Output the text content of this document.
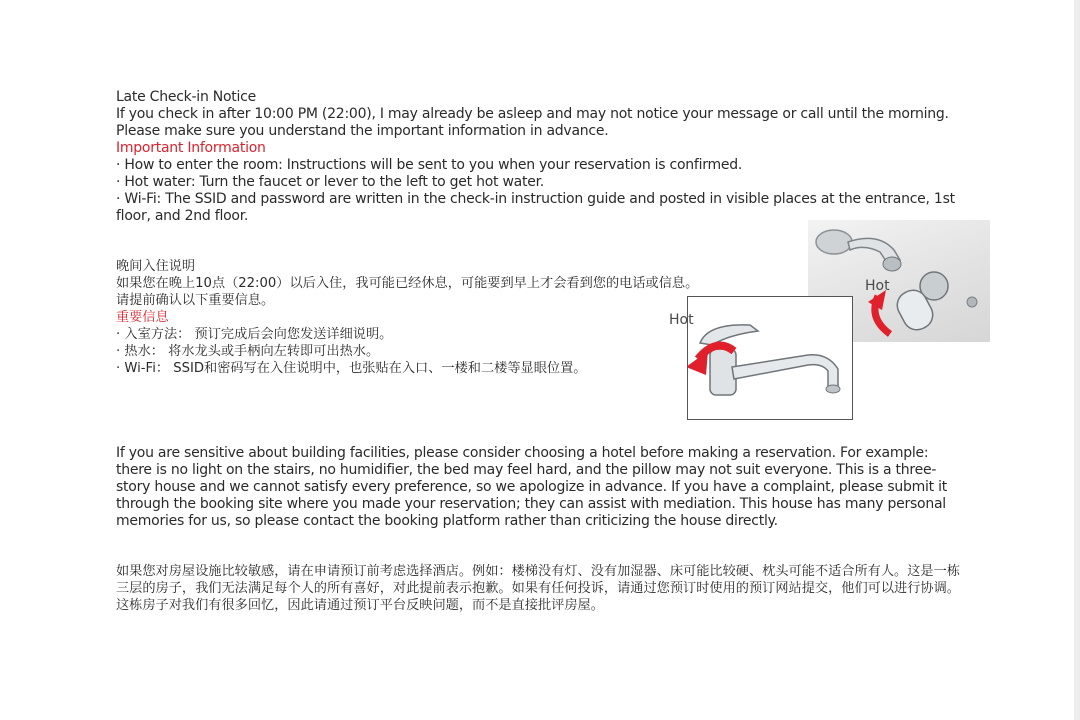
Late Check-in Notice

If you check in after 10:00 PM (22:00), I may already be asleep and may not notice your message or call until the morning.

Please make sure you understand the important information in advance.

Important Information

· How to enter the room: Instructions will be sent to you when your reservation is confirmed.

· Hot water: Turn the faucet or lever to the left to get hot water.

· Wi-Fi: The SSID and password are written in the check-in instruction guide and posted in visible places at the entrance, 1st floor, and 2nd floor.

晚间入住说明

如果您在晚上10点（22:00）以后入住，我可能已经休息，可能要到早上才会看到您的电话或信息。

请提前确认以下重要信息。

重要信息

· 入室方法： 预订完成后会向您发送详细说明。

· 热水： 将水龙头或手柄向左转即可出热水。

· Wi-Fi： SSID和密码写在入住说明中，也张贴在入口、一楼和二楼等显眼位置。

Hot
Hot

If you are sensitive about building facilities, please consider choosing a hotel before making a reservation. For example: there is no light on the stairs, no humidifier, the bed may feel hard, and the pillow may not suit everyone. This is a three-story house and we cannot satisfy every preference, so we apologize in advance. If you have a complaint, please submit it through the booking site where you made your reservation; they can assist with mediation. This house has many personal memories for us, so please contact the booking platform rather than criticizing the house directly.

如果您对房屋设施比较敏感，请在申请预订前考虑选择酒店。例如：楼梯没有灯、没有加湿器、床可能比较硬、枕头可能不适合所有人。这是一栋三层的房子，我们无法满足每个人的所有喜好，对此提前表示抱歉。如果有任何投诉，请通过您预订时使用的预订网站提交，他们可以进行协调。这栋房子对我们有很多回忆，因此请通过预订平台反映问题，而不是直接批评房屋。
